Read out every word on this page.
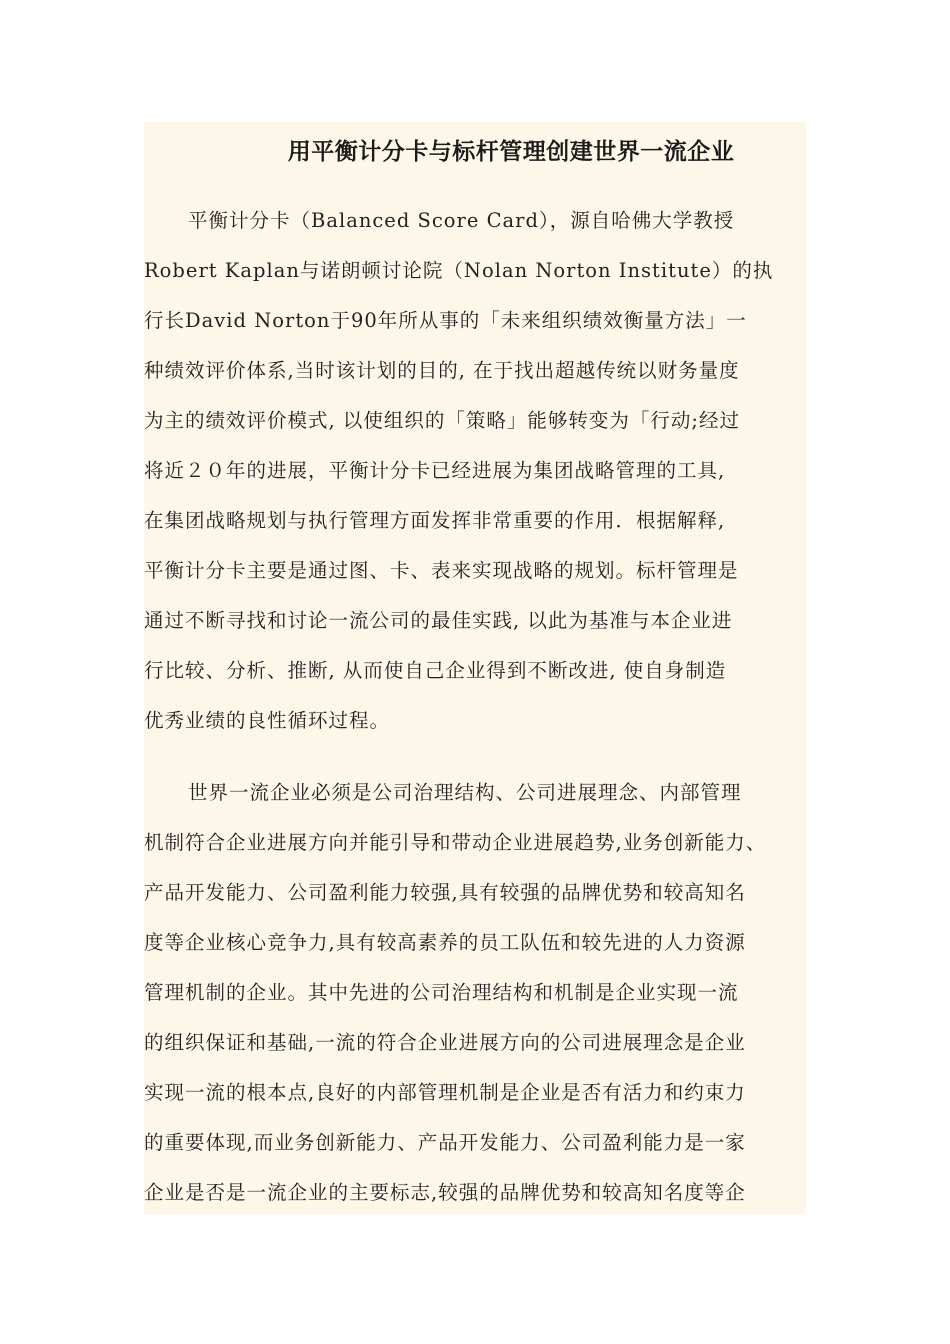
用平衡计分卡与标杆管理创建世界一流企业
平衡计分卡（Balanced Score Card），源自哈佛大学教授
Robert Kaplan与诺朗顿讨论院（Nolan Norton Institute）的执
行长David Norton于90年所从事的「未来组织绩效衡量方法」一
种绩效评价体系,当时该计划的目的, 在于找出超越传统以财务量度
为主的绩效评价模式, 以使组织的「策略」能够转变为「行动;经过
将近２０年的进展，平衡计分卡已经进展为集团战略管理的工具,
在集团战略规划与执行管理方面发挥非常重要的作用．根据解释,
平衡计分卡主要是通过图、卡、表来实现战略的规划。标杆管理是
通过不断寻找和讨论一流公司的最佳实践, 以此为基准与本企业进
行比较、分析、推断, 从而使自己企业得到不断改进, 使自身制造
优秀业绩的良性循环过程。
世界一流企业必须是公司治理结构、公司进展理念、内部管理
机制符合企业进展方向并能引导和带动企业进展趋势,业务创新能力、
产品开发能力、公司盈利能力较强,具有较强的品牌优势和较高知名
度等企业核心竞争力,具有较高素养的员工队伍和较先进的人力资源
管理机制的企业。其中先进的公司治理结构和机制是企业实现一流
的组织保证和基础,一流的符合企业进展方向的公司进展理念是企业
实现一流的根本点,良好的内部管理机制是企业是否有活力和约束力
的重要体现,而业务创新能力、产品开发能力、公司盈利能力是一家
企业是否是一流企业的主要标志,较强的品牌优势和较高知名度等企
